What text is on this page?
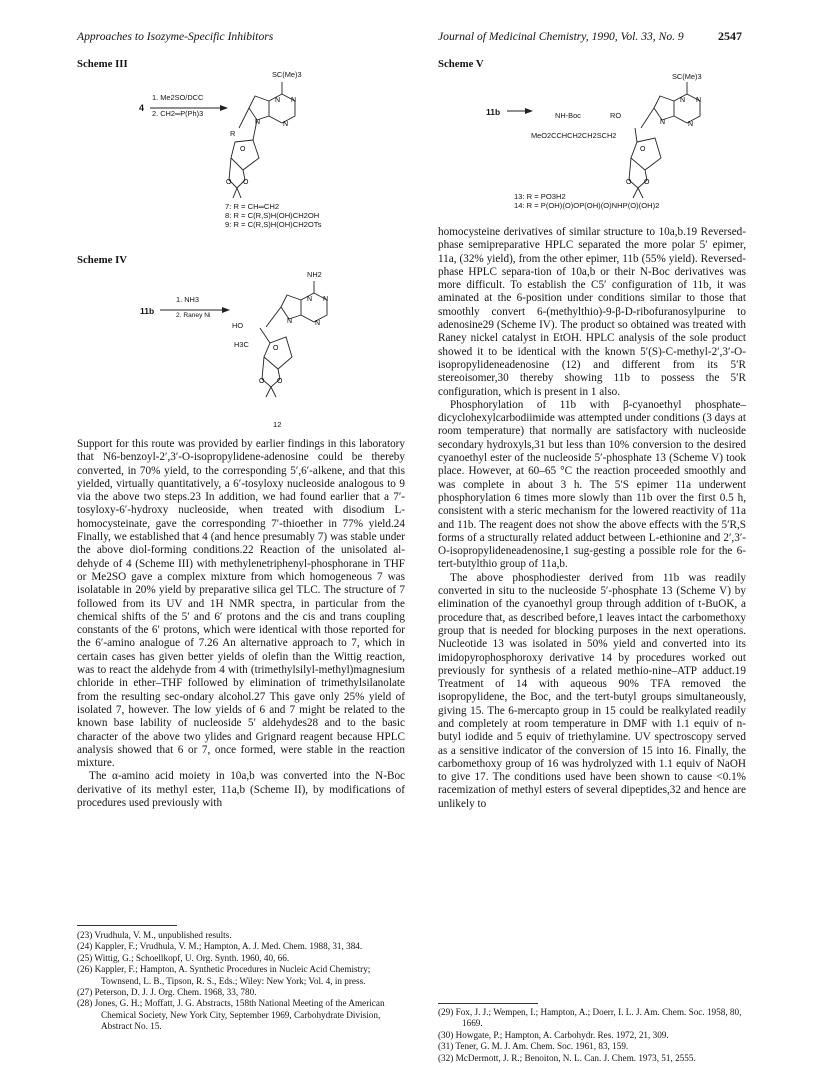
Approaches to Isozyme-Specific Inhibitors	Journal of Medicinal Chemistry, 1990, Vol. 33, No. 9	2547
Scheme III
4
1. Me2SO/DCC
2. CH2═P(Ph)3
SC(Me)3
R
N N
N	N
O O
O
7: R = CH═CH2
8: R = C(R,S)H(OH)CH2OH
9: R = C(R,S)H(OH)CH2OTs
Scheme IV
11b
1. NH3
2. Raney Ni
NH2
HO
H3C
N N
N	N
O O
O
12
Scheme V
11b →
SC(Me)3
NH-Boc	RO
MeO2CCHCH2CH2SCH2
N N
N	N
O O
O
13: R = PO3H2
14: R = P(OH)(O)OP(OH)(O)NHP(O)(OH)2

Support for this route was provided by earlier findings in this laboratory that N6-benzoyl-2′,3′-O-isopropylidene-adenosine could be thereby converted, in 70% yield, to the corresponding 5′,6′-alkene, and that this yielded, virtually quantitatively, a 6′-tosyloxy nucleoside analogous to 9 via the above two steps.23 In addition, we had found earlier that a 7′-tosyloxy-6′-hydroxy nucleoside, when treated with disodium L-homocysteinate, gave the corresponding 7′-thioether in 77% yield.24 Finally, we established that 4 (and hence presumably 7) was stable under the above diol-forming conditions.22 Reaction of the unisolated al-dehyde of 4 (Scheme III) with methylenetriphenyl-phosphorane in THF or Me2SO gave a complex mixture from which homogeneous 7 was isolatable in 20% yield by preparative silica gel TLC. The structure of 7 followed from its UV and 1H NMR spectra, in particular from the chemical shifts of the 5′ and 6′ protons and the cis and trans coupling constants of the 6′ protons, which were identical with those reported for the 6′-amino analogue of 7.26 An alternative approach to 7, which in certain cases has given better yields of olefin than the Wittig reaction, was to react the aldehyde from 4 with (trimethylsilyl-methyl)magnesium chloride in ether–THF followed by elimination of trimethylsilanolate from the resulting sec-ondary alcohol.27 This gave only 25% yield of isolated 7, however. The low yields of 6 and 7 might be related to the known base lability of nucleoside 5′ aldehydes28 and to the basic character of the above two ylides and Grignard reagent because HPLC analysis showed that 6 or 7, once formed, were stable in the reaction mixture.

The α-amino acid moiety in 10a,b was converted into the N-Boc derivative of its methyl ester, 11a,b (Scheme II), by modifications of procedures used previously with

homocysteine derivatives of similar structure to 10a,b.19 Reversed-phase semipreparative HPLC separated the more polar 5′ epimer, 11a, (32% yield), from the other epimer, 11b (55% yield). Reversed-phase HPLC separa-tion of 10a,b or their N-Boc derivatives was more difficult. To establish the C5′ configuration of 11b, it was aminated at the 6-position under conditions similar to those that smoothly convert 6-(methylthio)-9-β-D-ribofuranosylpurine to adenosine29 (Scheme IV). The product so obtained was treated with Raney nickel catalyst in EtOH. HPLC analysis of the sole product showed it to be identical with the known 5′(S)-C-methyl-2′,3′-O-isopropylideneadenosine (12) and different from its 5′R stereoisomer,30 thereby showing 11b to possess the 5′R configuration, which is present in 1 also.

Phosphorylation of 11b with β-cyanoethyl phosphate–dicyclohexylcarbodiimide was attempted under conditions (3 days at room temperature) that normally are satisfactory with nucleoside secondary hydroxyls,31 but less than 10% conversion to the desired cyanoethyl ester of the nucleoside 5′-phosphate 13 (Scheme V) took place. However, at 60–65 °C the reaction proceeded smoothly and was complete in about 3 h. The 5′S epimer 11a underwent phosphorylation 6 times more slowly than 11b over the first 0.5 h, consistent with a steric mechanism for the lowered reactivity of 11a and 11b. The reagent does not show the above effects with the 5′R,S forms of a structurally related adduct between L-ethionine and 2′,3′-O-isopropylideneadenosine,1 sug-gesting a possible role for the 6-tert-butylthio group of 11a,b.

The above phosphodiester derived from 11b was readily converted in situ to the nucleoside 5′-phosphate 13 (Scheme V) by elimination of the cyanoethyl group through addition of t-BuOK, a procedure that, as described before,1 leaves intact the carbomethoxy group that is needed for blocking purposes in the next operations. Nucleotide 13 was isolated in 50% yield and converted into its imidopyrophosphoroxy derivative 14 by procedures worked out previously for synthesis of a related methio-nine–ATP adduct.19 Treatment of 14 with aqueous 90% TFA removed the isopropylidene, the Boc, and the tert-butyl groups simultaneously, giving 15. The 6-mercapto group in 15 could be realkylated readily and completely at room temperature in DMF with 1.1 equiv of n-butyl iodide and 5 equiv of triethylamine. UV spectroscopy served as a sensitive indicator of the conversion of 15 into 16. Finally, the carbomethoxy group of 16 was hydrolyzed with 1.1 equiv of NaOH to give 17. The conditions used have been shown to cause <0.1% racemization of methyl esters of several dipeptides,32 and hence are unlikely to

(23) Vrudhula, V. M., unpublished results.

(24) Kappler, F.; Vrudhula, V. M.; Hampton, A. J. Med. Chem. 1988, 31, 384.

(25) Wittig, G.; Schoellkopf, U. Org. Synth. 1960, 40, 66.

(26) Kappler, F.; Hampton, A. Synthetic Procedures in Nucleic Acid Chemistry; Townsend, L. B., Tipson, R. S., Eds.; Wiley: New York; Vol. 4, in press.

(27) Peterson, D. J. J. Org. Chem. 1968, 33, 780.

(28) Jones, G. H.; Moffatt, J. G. Abstracts, 158th National Meeting of the American Chemical Society, New York City, September 1969, Carbohydrate Division, Abstract No. 15.

(29) Fox, J. J.; Wempen, I.; Hampton, A.; Doerr, I. L. J. Am. Chem. Soc. 1958, 80, 1669.

(30) Howgate, P.; Hampton, A. Carbohydr. Res. 1972, 21, 309.

(31) Tener, G. M. J. Am. Chem. Soc. 1961, 83, 159.

(32) McDermott, J. R.; Benoiton, N. L. Can. J. Chem. 1973, 51, 2555.
